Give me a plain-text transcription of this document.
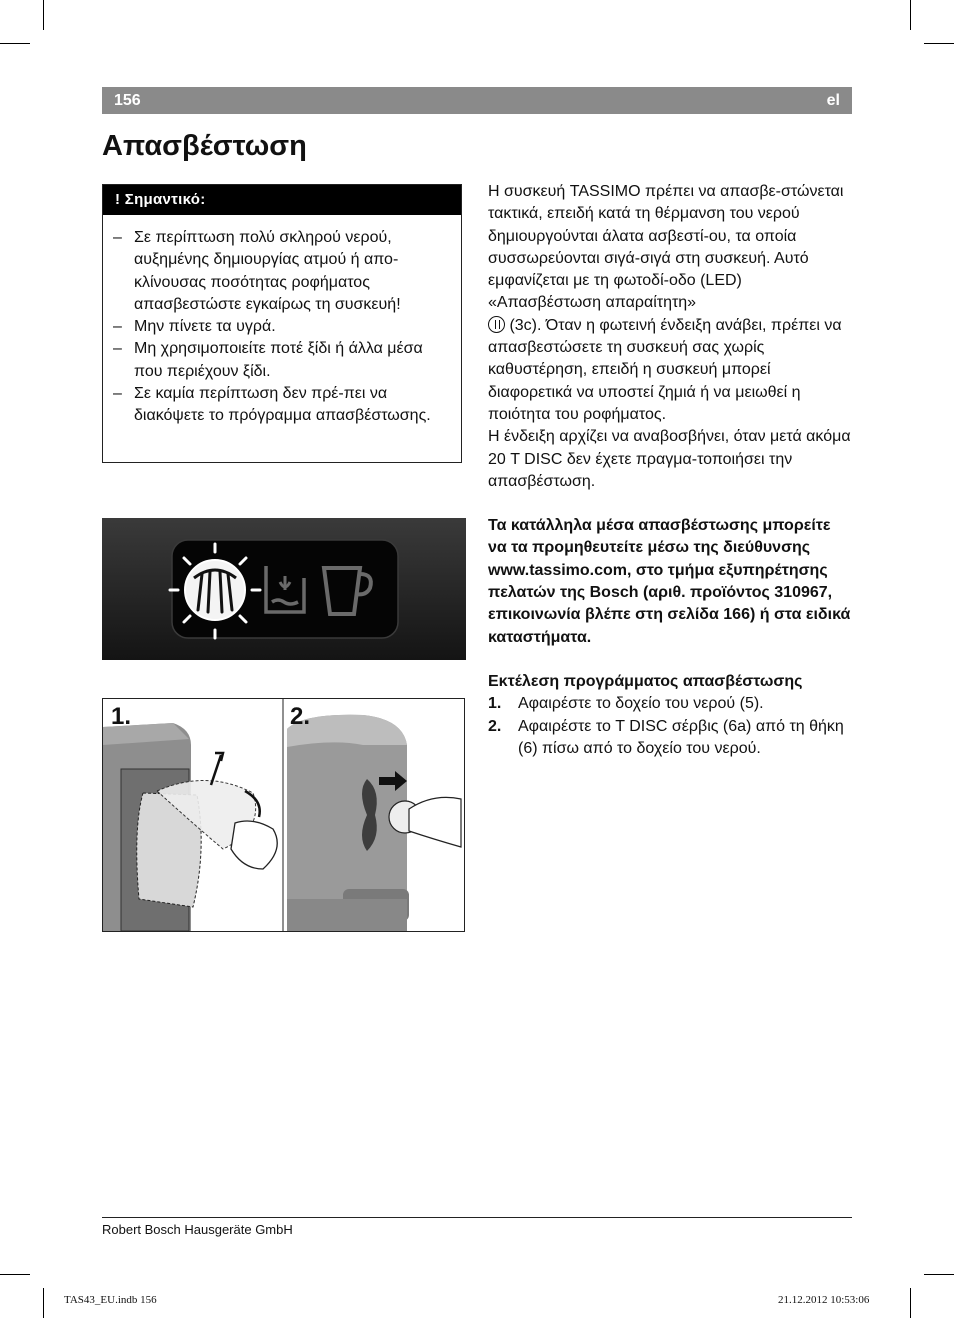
156	el
Απασβέστωση
! Σημαντικό:
– Σε περίπτωση πολύ σκληρού νερού, αυξημένης δημιουργίας ατμού ή απο-κλίνουσας ποσότητας ροφήματος απασβεστώστε εγκαίρως τη συσκευή!
– Μην πίνετε τα υγρά.
– Μη χρησιμοποιείτε ποτέ ξίδι ή άλλα μέσα που περιέχουν ξίδι.
– Σε καμία περίπτωση δεν πρέ-πει να διακόψετε το πρόγραμμα απασβέστωσης.

Η συσκευή TASSIMO πρέπει να απασβε-στώνεται τακτικά, επειδή κατά τη θέρμανση του νερού δημιουργούνται άλατα ασβεστί-ου, τα οποία συσσωρεύονται σιγά-σιγά στη συσκευή. Αυτό εμφανίζεται με τη φωτοδί-οδο (LED) «Απασβέστωση απαραίτητη»
(3c). Όταν η φωτεινή ένδειξη ανάβει, πρέπει να απασβεστώσετε τη συσκευή σας χωρίς καθυστέρηση, επειδή η συσκευή μπορεί διαφορετικά να υποστεί ζημιά ή να μειωθεί η ποιότητα του ροφήματος.

Η ένδειξη αρχίζει να αναβοσβήνει, όταν μετά ακόμα 20 T DISC δεν έχετε πραγμα-τοποιήσει την απασβέστωση.

Τα κατάλληλα μέσα απασβέστωσης μπορείτε να τα προμηθευτείτε μέσω της διεύθυνσης www.tassimo.com, στο τμήμα εξυπηρέτησης πελατών της Bosch (αριθ. προϊόντος 310967, επικοινωνία βλέπε στη σελίδα 166) ή στα ειδικά καταστήματα.

Εκτέλεση προγράμματος απασβέστωσης

1. Αφαιρέστε το δοχείο του νερού (5).
2. Αφαιρέστε το T DISC σέρβις (6a) από τη θήκη (6) πίσω από το δοχείο του νερού.
1.	2.
Robert Bosch Hausgeräte GmbH
TAS43_EU.indb 156	21.12.2012 10:53:06
